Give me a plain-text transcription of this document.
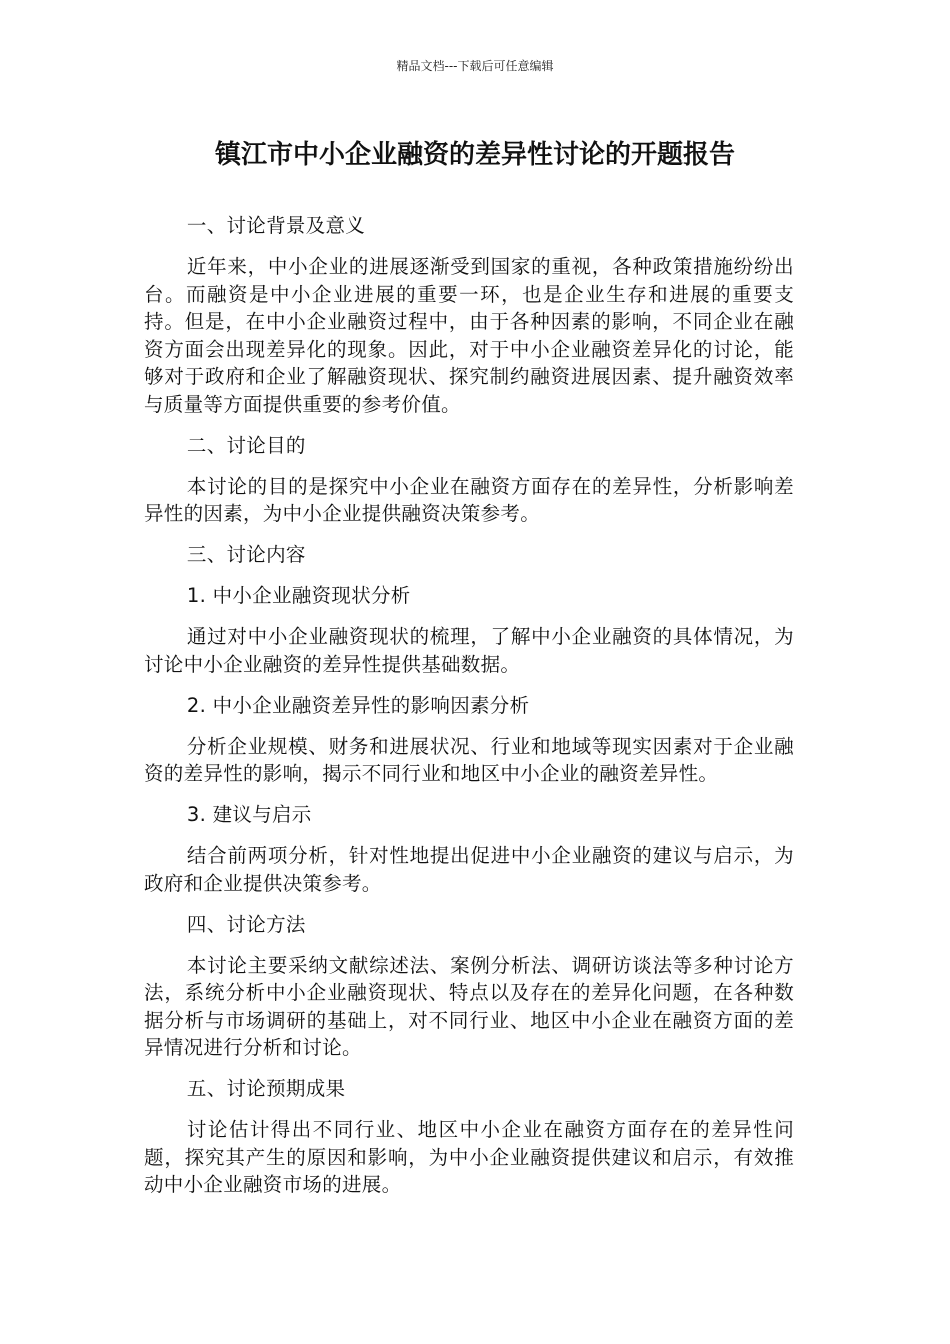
精品文档---下载后可任意编辑
镇江市中小企业融资的差异性讨论的开题报告

一、讨论背景及意义

近年来，中小企业的进展逐渐受到国家的重视，各种政策措施纷纷出台。而融资是中小企业进展的重要一环，也是企业生存和进展的重要支持。但是，在中小企业融资过程中，由于各种因素的影响，不同企业在融资方面会出现差异化的现象。因此，对于中小企业融资差异化的讨论，能够对于政府和企业了解融资现状、探究制约融资进展因素、提升融资效率与质量等方面提供重要的参考价值。

二、讨论目的

本讨论的目的是探究中小企业在融资方面存在的差异性，分析影响差异性的因素，为中小企业提供融资决策参考。

三、讨论内容

1. 中小企业融资现状分析

通过对中小企业融资现状的梳理，了解中小企业融资的具体情况，为讨论中小企业融资的差异性提供基础数据。

2. 中小企业融资差异性的影响因素分析

分析企业规模、财务和进展状况、行业和地域等现实因素对于企业融资的差异性的影响，揭示不同行业和地区中小企业的融资差异性。

3. 建议与启示

结合前两项分析，针对性地提出促进中小企业融资的建议与启示，为政府和企业提供决策参考。

四、讨论方法

本讨论主要采纳文献综述法、案例分析法、调研访谈法等多种讨论方法，系统分析中小企业融资现状、特点以及存在的差异化问题，在各种数据分析与市场调研的基础上，对不同行业、地区中小企业在融资方面的差异情况进行分析和讨论。

五、讨论预期成果

讨论估计得出不同行业、地区中小企业在融资方面存在的差异性问题，探究其产生的原因和影响，为中小企业融资提供建议和启示，有效推动中小企业融资市场的进展。
